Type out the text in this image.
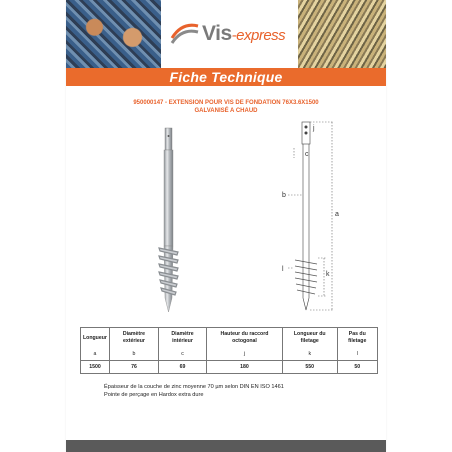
Vis-express
Fiche Technique
950000147 - EXTENSION POUR VIS DE FONDATION 76X3.6X1500
GALVANISÉ A CHAUD
a
b
c
j
k
l
Longueur	Diamètre extérieur	Diamètre intérieur	Hauteur du raccord octogonal	Longueur du filetage	Pas du filetage
a	b	c	j	k	l
1500	76	69	180	550	50
Épaisseur de la couche de zinc moyenne 70 µm selon DIN EN ISO 1461
Pointe de perçage en Hardox extra dure
